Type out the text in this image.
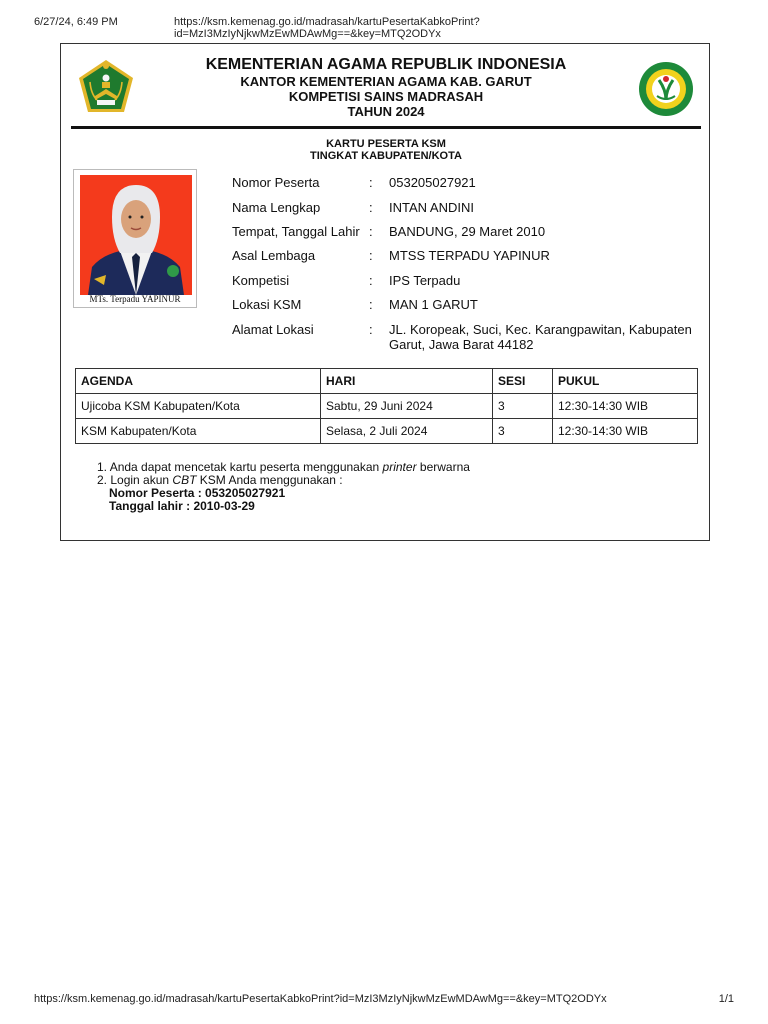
6/27/24, 6:49 PM	https://ksm.kemenag.go.id/madrasah/kartuPesertaKabkoPrint?id=MzI3MzIyNjkwMzEwMDAwMg==&key=MTQ2ODYx
KEMENTERIAN AGAMA REPUBLIK INDONESIA
KANTOR KEMENTERIAN AGAMA KAB. GARUT
KOMPETISI SAINS MADRASAH
TAHUN 2024
KARTU PESERTA KSM
TINGKAT KABUPATEN/KOTA
MTs. Terpadu YAPINUR
Nomor Peserta	: 053205027921
Nama Lengkap	: INTAN ANDINI
Tempat, Tanggal Lahir : BANDUNG, 29 Maret 2010
Asal Lembaga	: MTSS TERPADU YAPINUR
Kompetisi	: IPS Terpadu
Lokasi KSM	: MAN 1 GARUT
Alamat Lokasi	: JL. Koropeak, Suci, Kec. Karangpawitan, Kabupaten Garut, Jawa Barat 44182
AGENDA	HARI	SESI	PUKUL
Ujicoba KSM Kabupaten/Kota	Sabtu, 29 Juni 2024	3	12:30-14:30 WIB
KSM Kabupaten/Kota	Selasa, 2 Juli 2024	3	12:30-14:30 WIB
1. Anda dapat mencetak kartu peserta menggunakan printer berwarna
2. Login akun CBT KSM Anda menggunakan :
Nomor Peserta : 053205027921
Tanggal lahir : 2010-03-29
https://ksm.kemenag.go.id/madrasah/kartuPesertaKabkoPrint?id=MzI3MzIyNjkwMzEwMDAwMg==&key=MTQ2ODYx	1/1
